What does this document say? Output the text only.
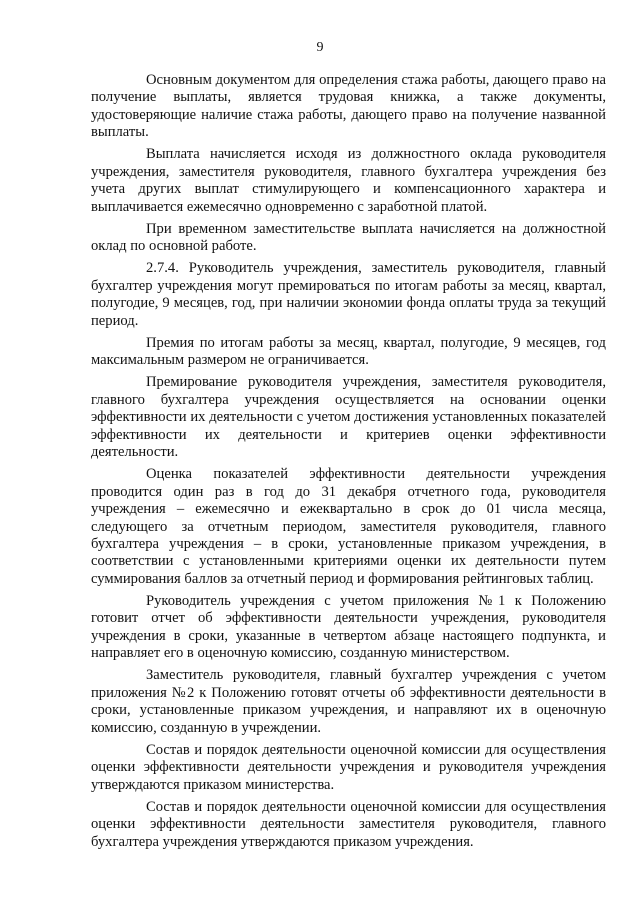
9

Основным документом для определения стажа работы, дающего право на получение выплаты, является трудовая книжка, а также документы, удостоверяющие наличие стажа работы, дающего право на получение названной выплаты.

Выплата начисляется исходя из должностного оклада руководителя учреждения, заместителя руководителя, главного бухгалтера учреждения без учета других выплат стимулирующего и компенсационного характера и выплачивается ежемесячно одновременно с заработной платой.

При временном заместительстве выплата начисляется на должностной оклад по основной работе.

2.7.4. Руководитель учреждения, заместитель руководителя, главный бухгалтер учреждения могут премироваться по итогам работы за месяц, квартал, полугодие, 9 месяцев, год, при наличии экономии фонда оплаты труда за текущий период.

Премия по итогам работы за месяц, квартал, полугодие, 9 месяцев, год максимальным размером не ограничивается.

Премирование руководителя учреждения, заместителя руководителя, главного бухгалтера учреждения осуществляется на основании оценки эффективности их деятельности с учетом достижения установленных показателей эффективности их деятельности и критериев оценки эффективности деятельности.

Оценка показателей эффективности деятельности учреждения проводится один раз в год до 31 декабря отчетного года, руководителя учреждения – ежемесячно и ежеквартально в срок до 01 числа месяца, следующего за отчетным периодом, заместителя руководителя, главного бухгалтера учреждения – в сроки, установленные приказом учреждения, в соответствии с установленными критериями оценки их деятельности путем суммирования баллов за отчетный период и формирования рейтинговых таблиц.

Руководитель учреждения с учетом приложения №1 к Положению готовит отчет об эффективности деятельности учреждения, руководителя учреждения в сроки, указанные в четвертом абзаце настоящего подпункта, и направляет его в оценочную комиссию, созданную министерством.

Заместитель руководителя, главный бухгалтер учреждения с учетом приложения №2 к Положению готовят отчеты об эффективности деятельности в сроки, установленные приказом учреждения, и направляют их в оценочную комиссию, созданную в учреждении.

Состав и порядок деятельности оценочной комиссии для осуществления оценки эффективности деятельности учреждения и руководителя учреждения утверждаются приказом министерства.

Состав и порядок деятельности оценочной комиссии для осуществления оценки эффективности деятельности заместителя руководителя, главного бухгалтера учреждения утверждаются приказом учреждения.
